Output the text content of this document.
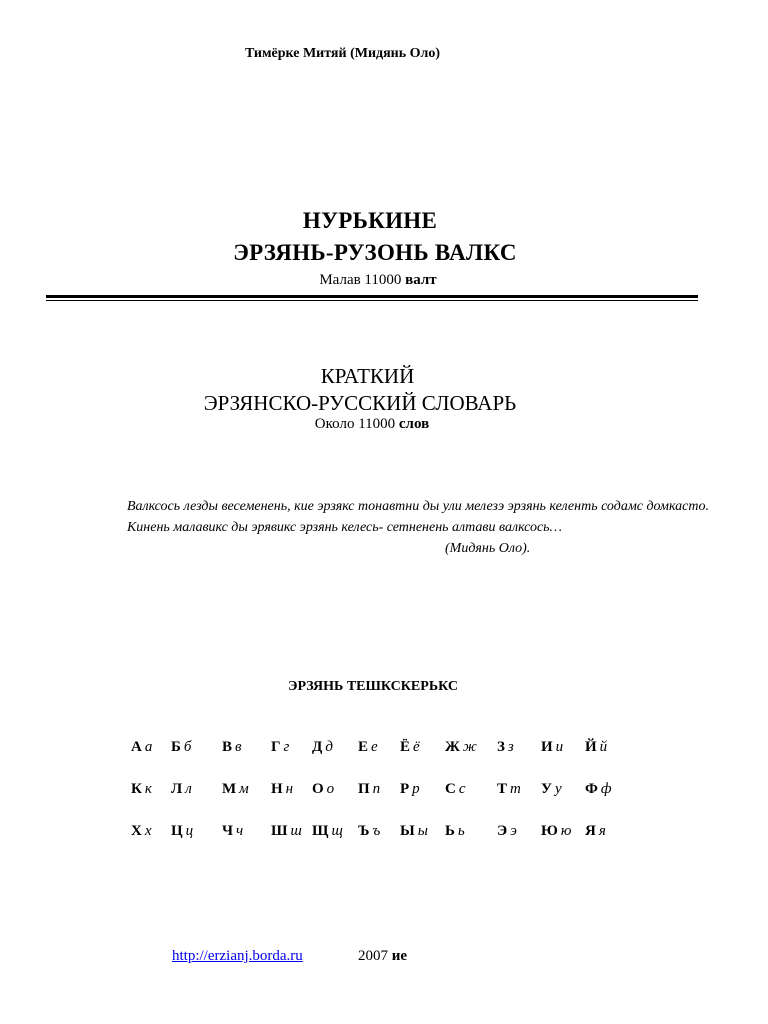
Тимёрке Митяй (Мидянь Оло)
НУРЬКИНЕ
ЭРЗЯНЬ-РУЗОНЬ ВАЛКС
Малав 11000 валт
КРАТКИЙ
ЭРЗЯНСКО-РУССКИЙ СЛОВАРЬ
Около 11000 слов
Валксось лезды весеменень, кие эрзякс тонавтни ды ули мелезэ эрзянь келенть содамс домкасто. Кинень малавикс ды эрявикс эрзянь келесь- сетненень алтави валксось…
(Мидянь Оло).
ЭРЗЯНЬ ТЕШКСКЕРЬКС
А а Б б В в Г г Д д Е е Ё ё Ж ж З з И и Й й
К к Л л М м Н н О о П п Р р С с Т т У у Ф ф
Х х Ц ц Ч ч Ш ш Щ щ Ъ ъ Ы ы Ь ь Э э Ю ю Я я
http://erzianj.borda.ru	2007 ие
